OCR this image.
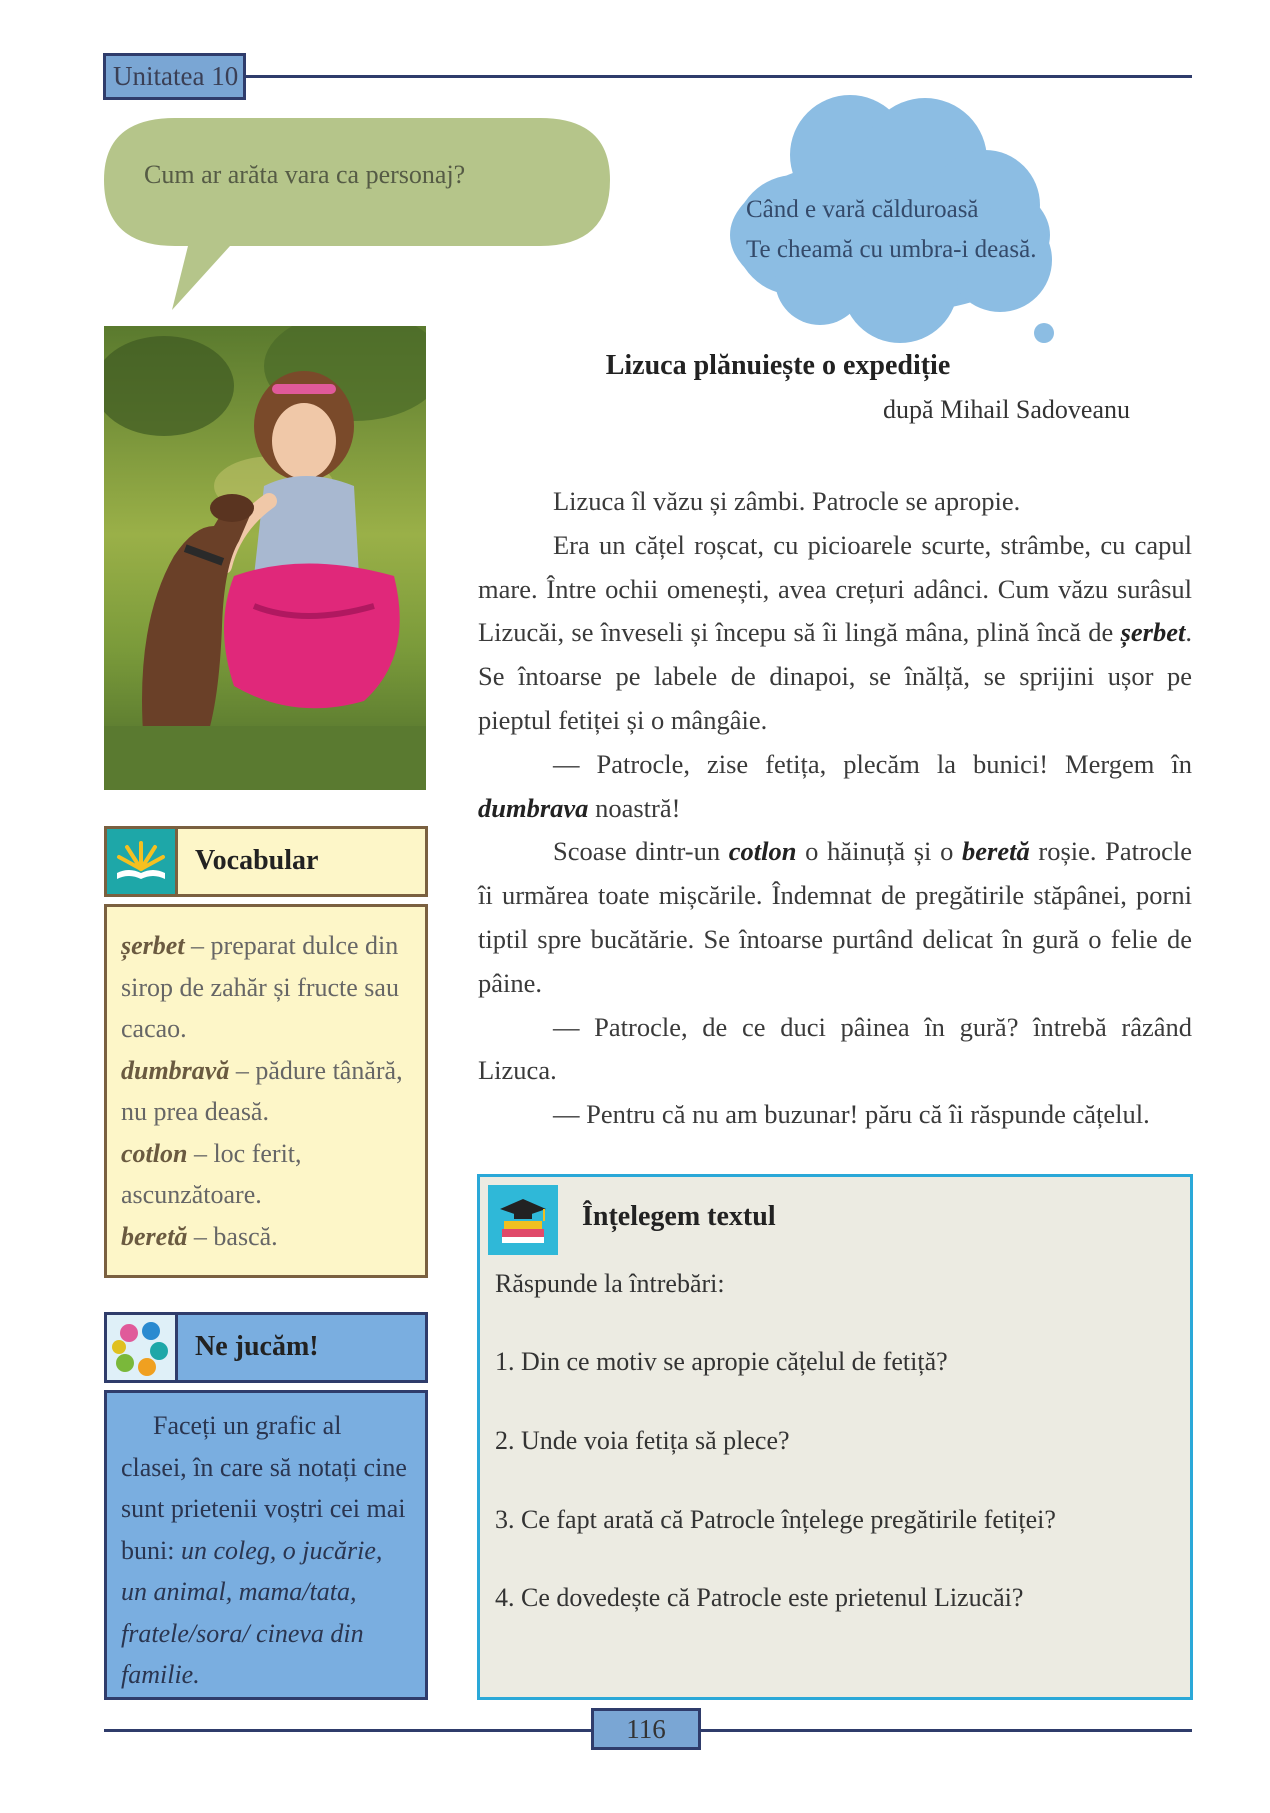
Unitatea 10
Cum ar arăta vara ca personaj?
Când e vară călduroasă
Te cheamă cu umbra-i deasă.
Lizuca plănuiește o expediție
după Mihail Sadoveanu

Lizuca îl văzu și zâmbi. Patrocle se apropie.

Era un cățel roșcat, cu picioarele scurte, strâmbe, cu capul mare. Între ochii omenești, avea crețuri adânci. Cum văzu surâsul Lizucăi, se înveseli și începu să îi lingă mâna, plină încă de șerbet. Se întoarse pe labele de dinapoi, se înălță, se sprijini ușor pe pieptul fetiței și o mângâie.

— Patrocle, zise fetița, plecăm la bunici! Mergem în dumbrava noastră!

Scoase dintr-un cotlon o hăinuță și o beretă roșie. Patrocle îi urmărea toate mișcările. Îndemnat de pregătirile stăpânei, porni tiptil spre bucătărie. Se întoarse purtând delicat în gură o felie de pâine.

— Patrocle, de ce duci pâinea în gură? întrebă râzând Lizuca.

— Pentru că nu am buzunar! păru că îi răspunde cățelul.

Vocabular
șerbet – preparat dulce din sirop de zahăr și fructe sau cacao.
dumbravă – pădure tânără, nu prea deasă.
cotlon – loc ferit, ascunzătoare.
beretă – bască.
Ne jucăm!
Faceți un grafic al clasei, în care să notați cine sunt prietenii voștri cei mai buni: un coleg, o jucărie, un animal, mama/tata, fratele/sora/ cineva din familie.
Înțelegem textul
Răspunde la întrebări:
1. Din ce motiv se apropie cățelul de fetiță?
2. Unde voia fetița să plece?
3. Ce fapt arată că Patrocle înțelege pregătirile fetiței?
4. Ce dovedește că Patrocle este prietenul Lizucăi?
116
